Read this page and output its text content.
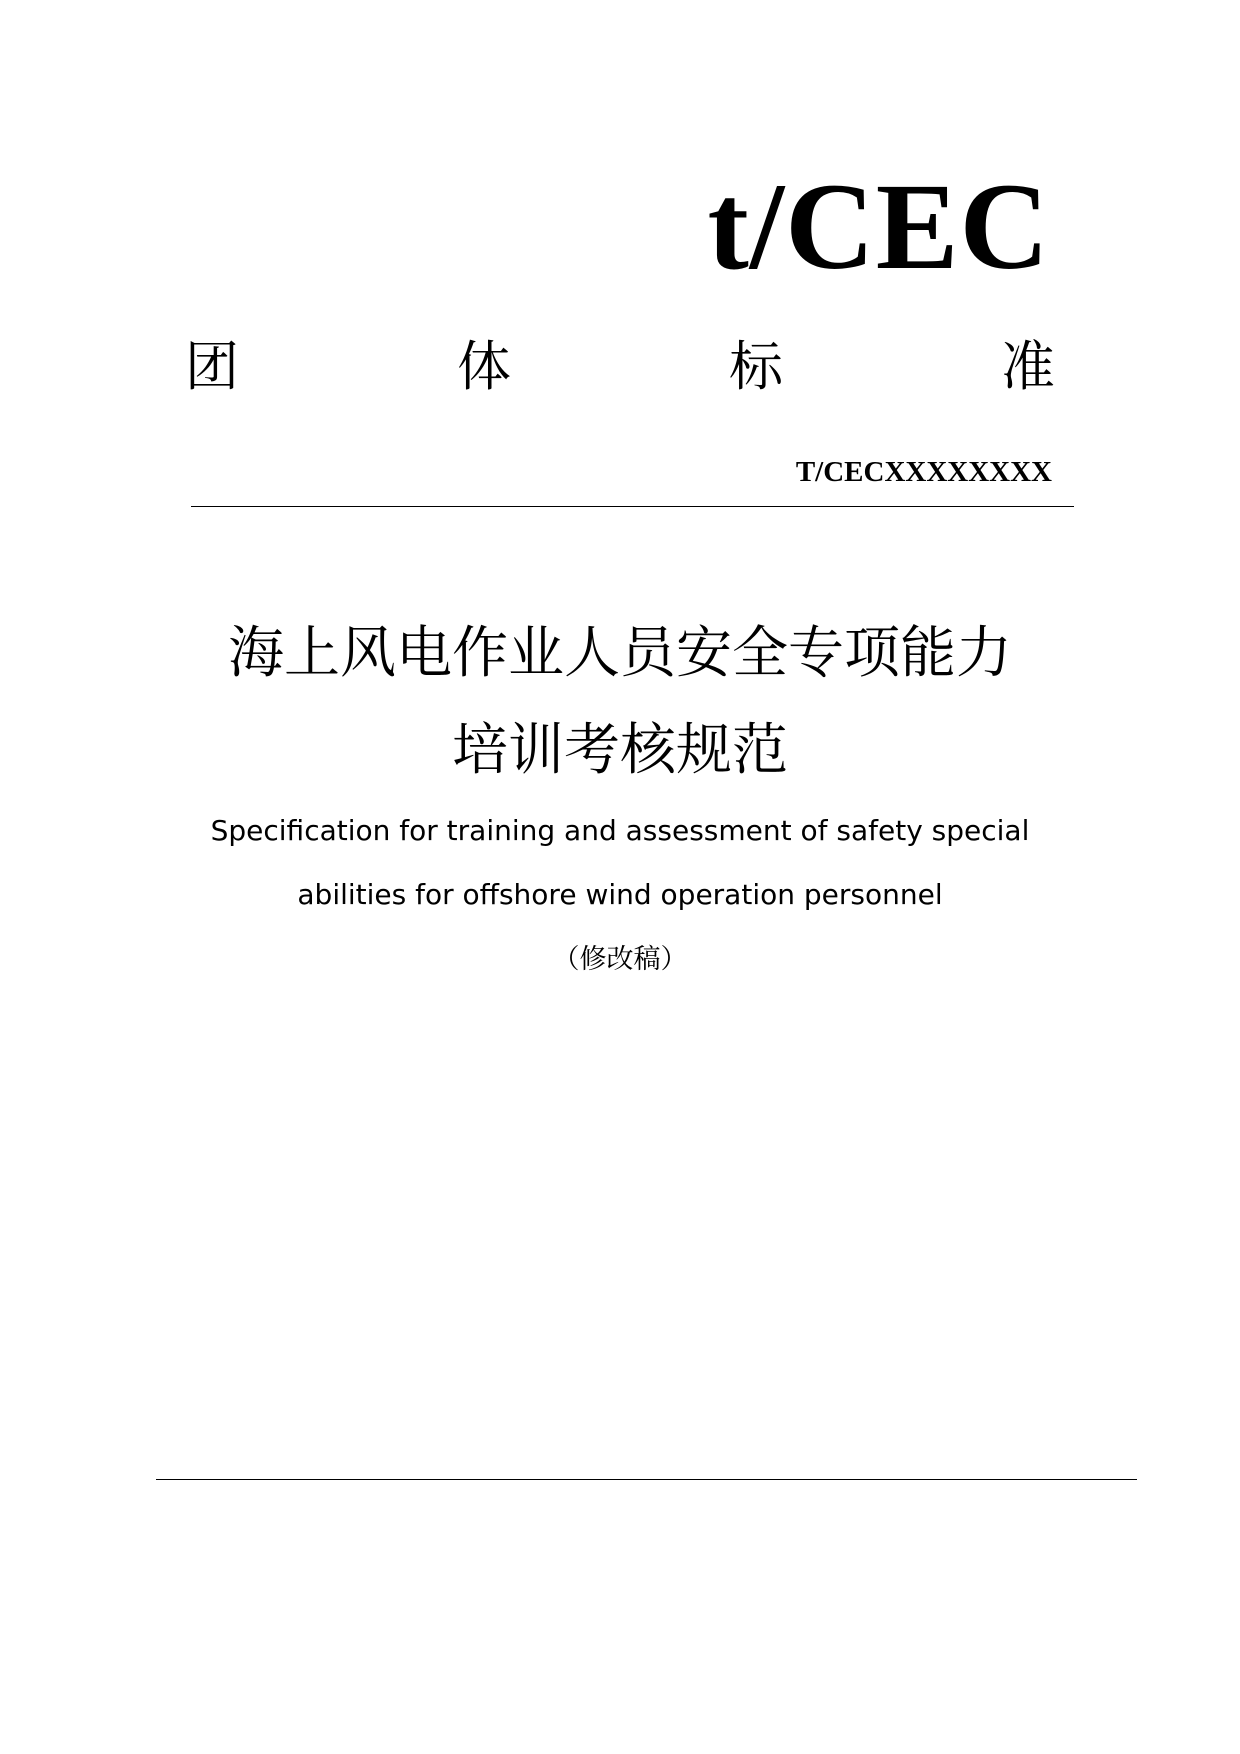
t/CEC
团	体	标	准
T/CECXXXXXXXX
海上风电作业人员安全专项能力
培训考核规范
Specification for training and assessment of safety special
abilities for offshore wind operation personnel
（修改稿）
